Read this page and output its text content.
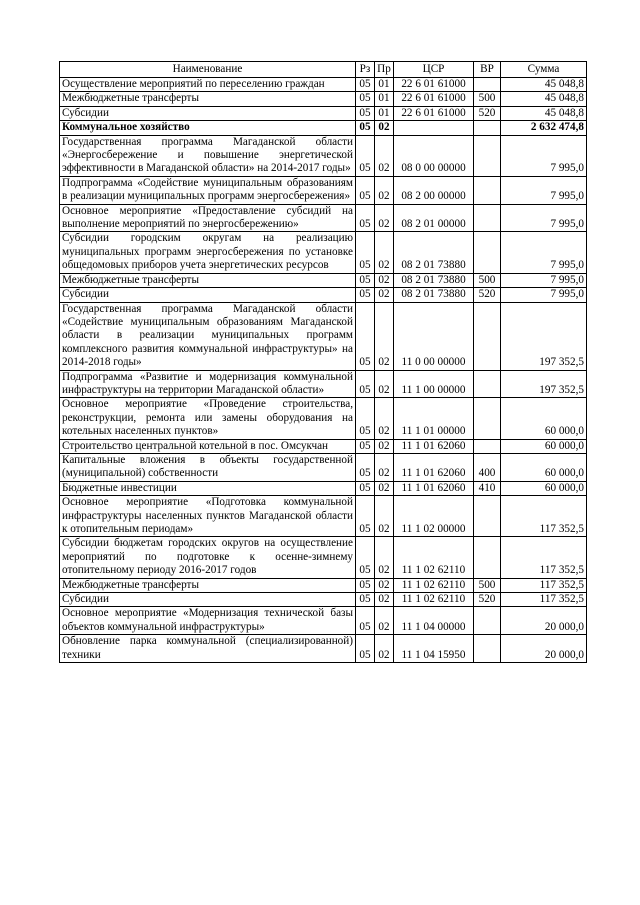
Наименование	Рз	Пр	ЦСР	ВР	Сумма
Осуществление мероприятий по переселению граждан	05	01	22 6 01 61000		45 048,8
Межбюджетные трансферты	05	01	22 6 01 61000	500	45 048,8
Субсидии	05	01	22 6 01 61000	520	45 048,8
Коммунальное хозяйство	05	02			2 632 474,8
Государственная программа Магаданской области «Энергосбережение и повышение энергетической эффективности в Магаданской области» на 2014-2017 годы»	05	02	08 0 00 00000		7 995,0
Подпрограмма «Содействие муниципальным образованиям в реализации муниципальных программ энергосбережения»	05	02	08 2 00 00000		7 995,0
Основное мероприятие «Предоставление субсидий на выполнение мероприятий по энергосбережению»	05	02	08 2 01 00000		7 995,0
Субсидии городским округам на реализацию муниципальных программ энергосбережения по установке общедомовых приборов учета энергетических ресурсов	05	02	08 2 01 73880		7 995,0
Межбюджетные трансферты	05	02	08 2 01 73880	500	7 995,0
Субсидии	05	02	08 2 01 73880	520	7 995,0
Государственная программа Магаданской области «Содействие муниципальным образованиям Магаданской области в реализации муниципальных программ комплексного развития коммунальной инфраструктуры» на 2014-2018 годы»	05	02	11 0 00 00000		197 352,5
Подпрограмма «Развитие и модернизация коммунальной инфраструктуры на территории Магаданской области»	05	02	11 1 00 00000		197 352,5
Основное мероприятие «Проведение строительства, реконструкции, ремонта или замены оборудования на котельных населенных пунктов»	05	02	11 1 01 00000		60 000,0
Строительство центральной котельной в пос. Омсукчан	05	02	11 1 01 62060		60 000,0
Капитальные вложения в объекты государственной (муниципальной) собственности	05	02	11 1 01 62060	400	60 000,0
Бюджетные инвестиции	05	02	11 1 01 62060	410	60 000,0
Основное мероприятие «Подготовка коммунальной инфраструктуры населенных пунктов Магаданской области к отопительным периодам»	05	02	11 1 02 00000		117 352,5
Субсидии бюджетам городских округов на осуществление мероприятий по подготовке к осенне-зимнему отопительному периоду 2016-2017 годов	05	02	11 1 02 62110		117 352,5
Межбюджетные трансферты	05	02	11 1 02 62110	500	117 352,5
Субсидии	05	02	11 1 02 62110	520	117 352,5
Основное мероприятие «Модернизация технической базы объектов коммунальной инфраструктуры»	05	02	11 1 04 00000		20 000,0
Обновление парка коммунальной (специализированной) техники	05	02	11 1 04 15950		20 000,0
